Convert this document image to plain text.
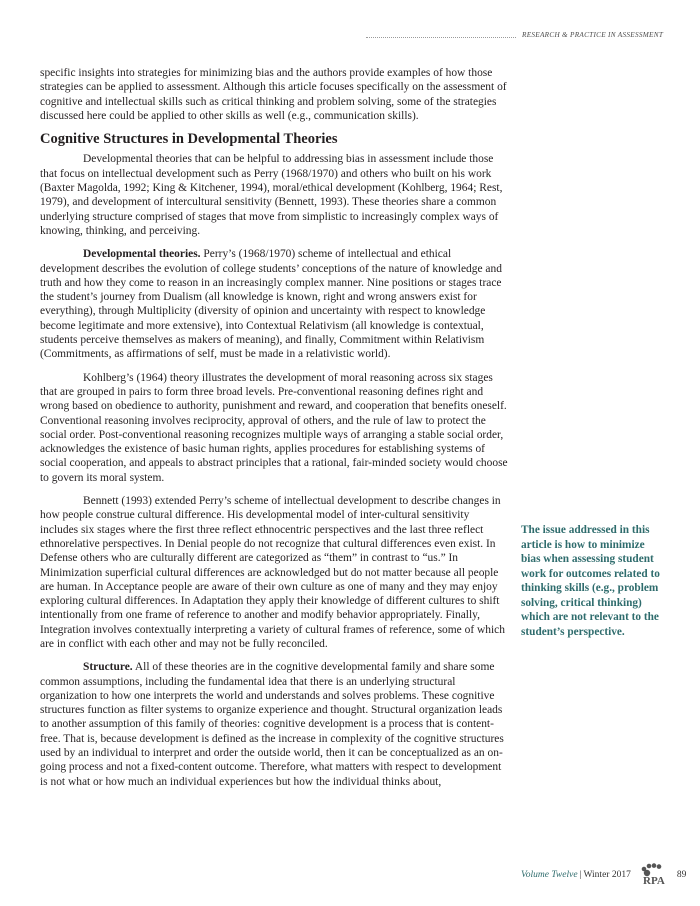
RESEARCH & PRACTICE IN ASSESSMENT

specific insights into strategies for minimizing bias and the authors provide examples of how those strategies can be applied to assessment. Although this article focuses specifically on the assessment of cognitive and intellectual skills such as critical thinking and problem solving, some of the strategies discussed here could be applied to other skills as well (e.g., communication skills).

Cognitive Structures in Developmental Theories

Developmental theories that can be helpful to addressing bias in assessment include those that focus on intellectual development such as Perry (1968/1970) and others who built on his work (Baxter Magolda, 1992; King & Kitchener, 1994), moral/ethical development (Kohlberg, 1964; Rest, 1979), and development of intercultural sensitivity (Bennett, 1993). These theories share a common underlying structure comprised of stages that move from simplistic to increasingly complex ways of knowing, thinking, and perceiving.

Developmental theories. Perry’s (1968/1970) scheme of intellectual and ethical development describes the evolution of college students’ conceptions of the nature of knowledge and truth and how they come to reason in an increasingly complex manner. Nine positions or stages trace the student’s journey from Dualism (all knowledge is known, right and wrong answers exist for everything), through Multiplicity (diversity of opinion and uncertainty with respect to knowledge become legitimate and more extensive), into Contextual Relativism (all knowledge is contextual, students perceive themselves as makers of meaning), and finally, Commitment within Relativism (Commitments, as affirmations of self, must be made in a relativistic world).

Kohlberg’s (1964) theory illustrates the development of moral reasoning across six stages that are grouped in pairs to form three broad levels. Pre-conventional reasoning defines right and wrong based on obedience to authority, punishment and reward, and cooperation that benefits oneself. Conventional reasoning involves reciprocity, approval of others, and the rule of law to protect the social order. Post-conventional reasoning recognizes multiple ways of arranging a stable social order, acknowledges the existence of basic human rights, applies procedures for establishing systems of social cooperation, and appeals to abstract principles that a rational, fair-minded society would choose to govern its moral system.

Bennett (1993) extended Perry’s scheme of intellectual development to describe changes in how people construe cultural difference. His developmental model of inter-cultural sensitivity includes six stages where the first three reflect ethnocentric perspectives and the last three reflect ethnorelative perspectives. In Denial people do not recognize that cultural differences even exist. In Defense others who are culturally different are categorized as “them” in contrast to “us.” In Minimization superficial cultural differences are acknowledged but do not matter because all people are human. In Acceptance people are aware of their own culture as one of many and they may enjoy exploring cultural differences. In Adaptation they apply their knowledge of different cultures to shift intentionally from one frame of reference to another and modify behavior appropriately. Finally, Integration involves contextually interpreting a variety of cultural frames of reference, some of which are in conflict with each other and may not be fully reconciled.

Structure. All of these theories are in the cognitive developmental family and share some common assumptions, including the fundamental idea that there is an underlying structural organization to how one interprets the world and understands and solves problems. These cognitive structures function as filter systems to organize experience and thought. Structural organization leads to another assumption of this family of theories: cognitive development is a process that is content-free. That is, because development is defined as the increase in complexity of the cognitive structures used by an individual to interpret and order the outside world, then it can be conceptualized as an on-going process and not a fixed-content outcome. Therefore, what matters with respect to development is not what or how much an individual experiences but how the individual thinks about,

The issue addressed in this article is how to minimize bias when assessing student work for outcomes related to thinking skills (e.g., problem solving, critical thinking) which are not relevant to the student’s perspective.
Volume Twelve | Winter 2017 RPA 89
